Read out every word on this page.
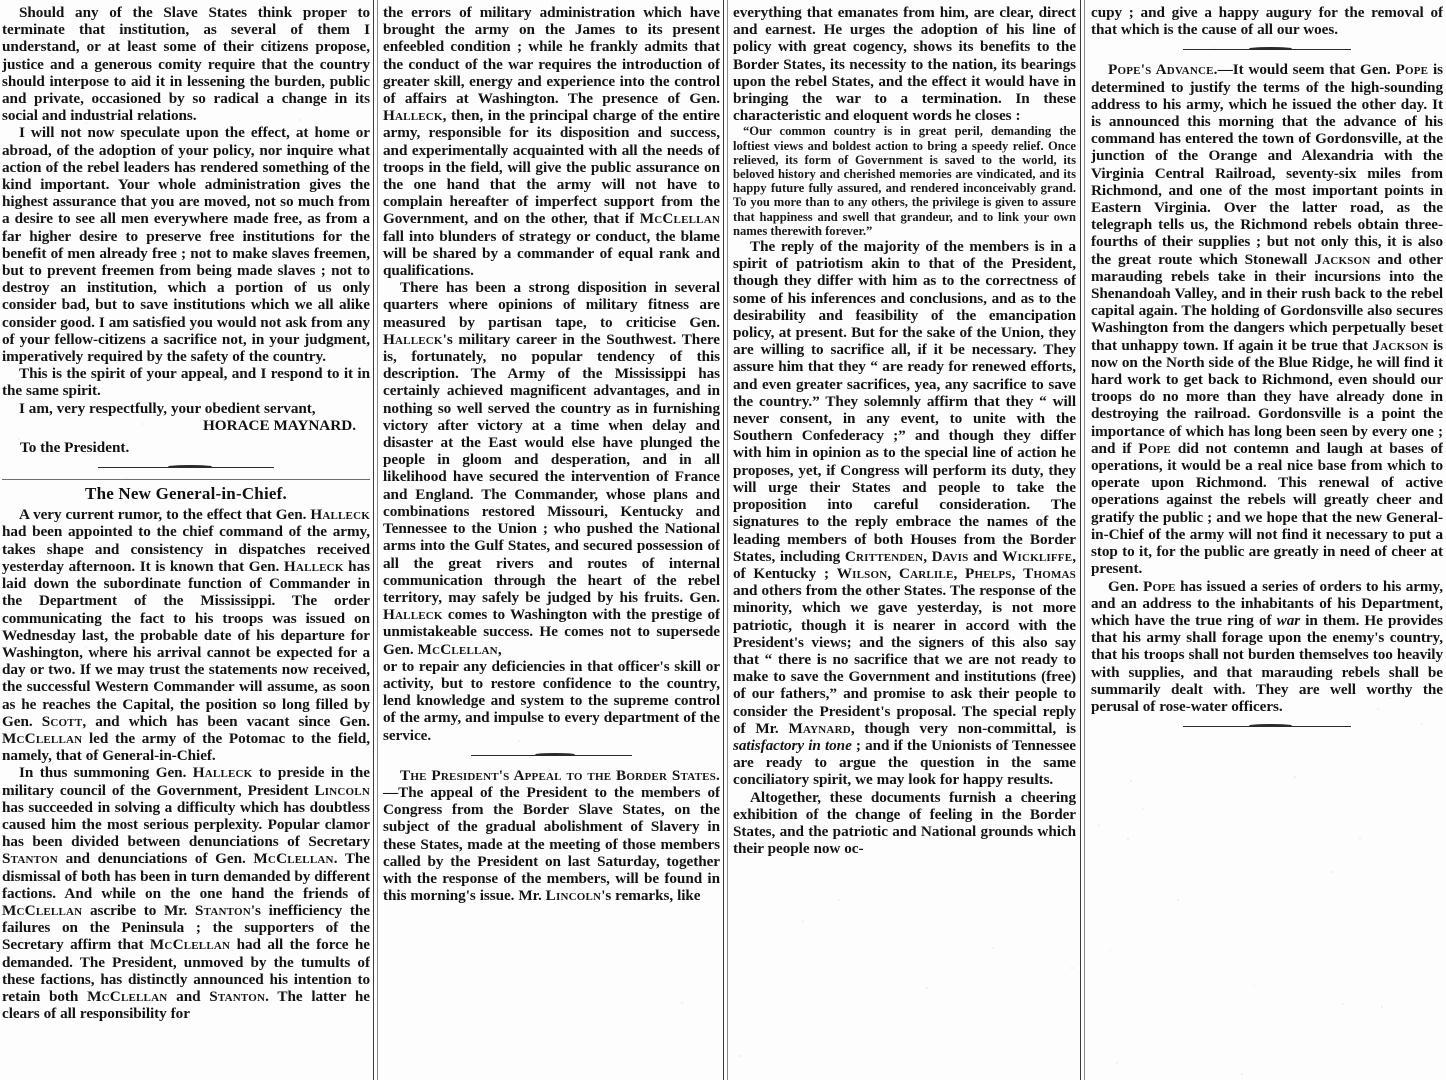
Should any of the Slave States think proper to terminate that institution, as several of them I understand, or at least some of their citizens propose, justice and a generous comity require that the country should interpose to aid it in lessening the burden, public and private, occasioned by so radical a change in its social and industrial relations.

I will not now speculate upon the effect, at home or abroad, of the adoption of your policy, nor inquire what action of the rebel leaders has rendered something of the kind important. Your whole administration gives the highest assurance that you are moved, not so much from a desire to see all men everywhere made free, as from a far higher desire to preserve free institutions for the benefit of men already free ; not to make slaves freemen, but to prevent freemen from being made slaves ; not to destroy an institution, which a portion of us only consider bad, but to save institutions which we all alike consider good. I am satisfied you would not ask from any of your fellow-citizens a sacrifice not, in your judgment, imperatively required by the safety of the country.

This is the spirit of your appeal, and I respond to it in the same spirit.

I am, very respectfully, your obedient servant,

HORACE MAYNARD.

To the President.

The New General-in-Chief.

A very current rumor, to the effect that Gen. Halleck had been appointed to the chief command of the army, takes shape and consistency in dispatches received yesterday afternoon. It is known that Gen. Halleck has laid down the subordinate function of Commander in the Department of the Mississippi. The order communicating the fact to his troops was issued on Wednesday last, the probable date of his departure for Washington, where his arrival cannot be expected for a day or two. If we may trust the statements now received, the successful Western Commander will assume, as soon as he reaches the Capital, the position so long filled by Gen. Scott, and which has been vacant since Gen. McClellan led the army of the Potomac to the field, namely, that of General-in-Chief.

In thus summoning Gen. Halleck to preside in the military council of the Government, President Lincoln has succeeded in solving a difficulty which has doubtless caused him the most serious perplexity. Popular clamor has been divided between denunciations of Secretary Stanton and denunciations of Gen. McClellan. The dismissal of both has been in turn demanded by different factions. And while on the one hand the friends of McClellan ascribe to Mr. Stanton's inefficiency the failures on the Peninsula ; the supporters of the Secretary affirm that McClellan had all the force he demanded. The President, unmoved by the tumults of these factions, has distinctly announced his intention to retain both McClellan and Stanton. The latter he clears of all responsibility for

the errors of military administration which have brought the army on the James to its present enfeebled condition ; while he frankly admits that the conduct of the war requires the introduction of greater skill, energy and experience into the control of affairs at Washington. The presence of Gen. Halleck, then, in the principal charge of the entire army, responsible for its disposition and success, and experimentally acquainted with all the needs of troops in the field, will give the public assurance on the one hand that the army will not have to complain hereafter of imperfect support from the Government, and on the other, that if McClellan fall into blunders of strategy or conduct, the blame will be shared by a commander of equal rank and qualifications.

There has been a strong disposition in several quarters where opinions of military fitness are measured by partisan tape, to criticise Gen. Halleck's military career in the Southwest. There is, fortunately, no popular tendency of this description. The Army of the Mississippi has certainly achieved magnificent advantages, and in nothing so well served the country as in furnishing victory after victory at a time when delay and disaster at the East would else have plunged the people in gloom and desperation, and in all likelihood have secured the intervention of France and England. The Commander, whose plans and combinations restored Missouri, Kentucky and Tennessee to the Union ; who pushed the National arms into the Gulf States, and secured possession of all the great rivers and routes of internal communication through the heart of the rebel territory, may safely be judged by his fruits. Gen. Halleck comes to Washington with the prestige of unmistakeable success. He comes not to supersede Gen. McClellan,

or to repair any deficiencies in that officer's skill or activity, but to restore confidence to the country, lend knowledge and system to the supreme control of the army, and impulse to every department of the service.

The President's Appeal to the Border States.—The appeal of the President to the members of Congress from the Border Slave States, on the subject of the gradual abolishment of Slavery in these States, made at the meeting of those members called by the President on last Saturday, together with the response of the members, will be found in this morning's issue. Mr. Lincoln's remarks, like

everything that emanates from him, are clear, direct and earnest. He urges the adoption of his line of policy with great cogency, shows its benefits to the Border States, its necessity to the nation, its bearings upon the rebel States, and the effect it would have in bringing the war to a termination. In these characteristic and eloquent words he closes :

“Our common country is in great peril, demanding the loftiest views and boldest action to bring a speedy relief. Once relieved, its form of Government is saved to the world, its beloved history and cherished memories are vindicated, and its happy future fully assured, and rendered inconceivably grand. To you more than to any others, the privilege is given to assure that happiness and swell that grandeur, and to link your own names therewith forever.”

The reply of the majority of the members is in a spirit of patriotism akin to that of the President, though they differ with him as to the correctness of some of his inferences and conclusions, and as to the desirability and feasibility of the emancipation policy, at present. But for the sake of the Union, they are willing to sacrifice all, if it be necessary. They assure him that they “ are ready for renewed efforts, and even greater sacrifices, yea, any sacrifice to save the country.” They solemnly affirm that they “ will never consent, in any event, to unite with the Southern Confederacy ;” and though they differ with him in opinion as to the special line of action he proposes, yet, if Congress will perform its duty, they will urge their States and people to take the proposition into careful consideration. The signatures to the reply embrace the names of the leading members of both Houses from the Border States, including Crittenden, Davis and Wickliffe, of Kentucky ; Wilson, Carlile, Phelps, Thomas and others from the other States. The response of the minority, which we gave yesterday, is not more patriotic, though it is nearer in accord with the President's views; and the signers of this also say that “ there is no sacrifice that we are not ready to make to save the Government and institutions (free) of our fathers,” and promise to ask their people to consider the President's proposal. The special reply of Mr. Maynard, though very non-committal, is satisfactory in tone ; and if the Unionists of Tennessee are ready to argue the question in the same conciliatory spirit, we may look for happy results.

Altogether, these documents furnish a cheering exhibition of the change of feeling in the Border States, and the patriotic and National grounds which their people now oc-

cupy ; and give a happy augury for the removal of that which is the cause of all our woes.

Pope's Advance.—It would seem that Gen. Pope is determined to justify the terms of the high-sounding address to his army, which he issued the other day. It is announced this morning that the advance of his command has entered the town of Gordonsville, at the junction of the Orange and Alexandria with the Virginia Central Railroad, seventy-six miles from Richmond, and one of the most important points in Eastern Virginia. Over the latter road, as the telegraph tells us, the Richmond rebels obtain three-fourths of their supplies ; but not only this, it is also the great route which Stonewall Jackson and other marauding rebels take in their incursions into the Shenandoah Valley, and in their rush back to the rebel capital again. The holding of Gordonsville also secures Washington from the dangers which perpetually beset that unhappy town. If again it be true that Jackson is now on the North side of the Blue Ridge, he will find it hard work to get back to Richmond, even should our troops do no more than they have already done in destroying the railroad. Gordonsville is a point the importance of which has long been seen by every one ; and if Pope did not contemn and laugh at bases of operations, it would be a real nice base from which to operate upon Richmond. This renewal of active operations against the rebels will greatly cheer and gratify the public ; and we hope that the new General-in-Chief of the army will not find it necessary to put a stop to it, for the public are greatly in need of cheer at present.

Gen. Pope has issued a series of orders to his army, and an address to the inhabitants of his Department, which have the true ring of war in them. He provides that his army shall forage upon the enemy's country, that his troops shall not burden themselves too heavily with supplies, and that marauding rebels shall be summarily dealt with. They are well worthy the perusal of rose-water officers.
